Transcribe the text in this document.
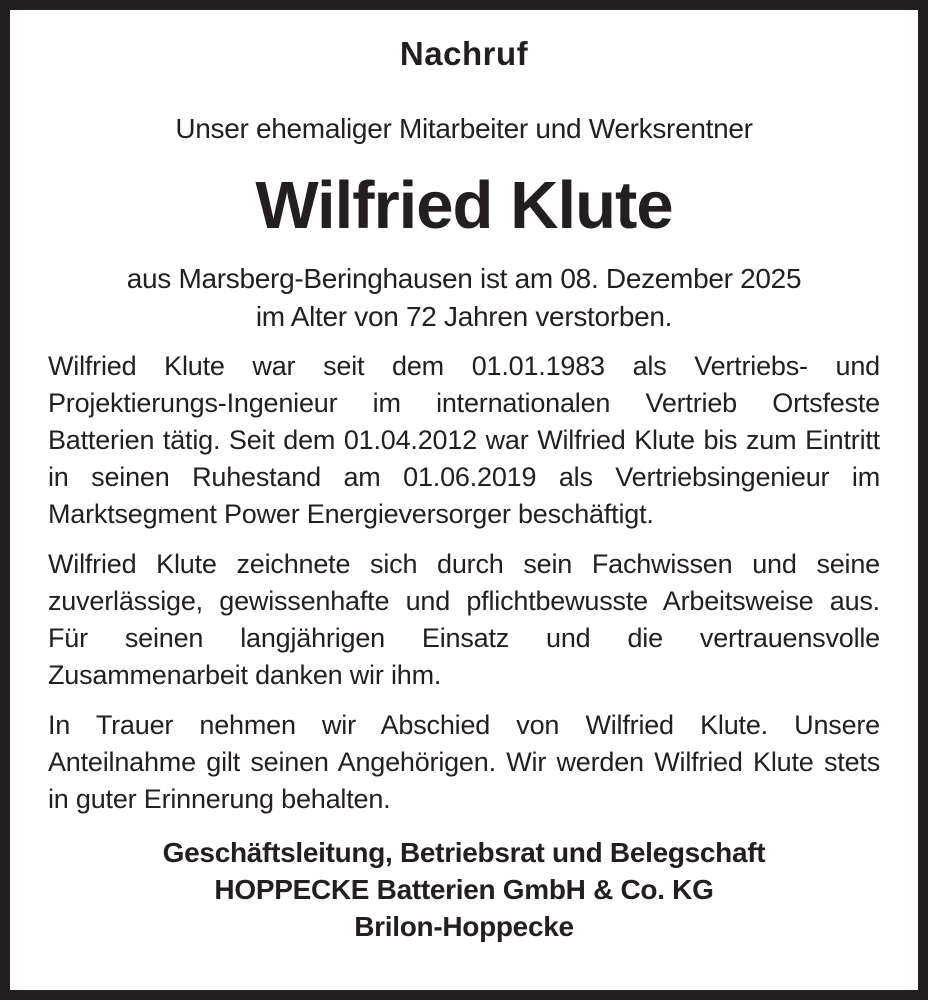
Nachruf
Unser ehemaliger Mitarbeiter und Werksrentner
Wilfried Klute
aus Marsberg-Beringhausen ist am 08. Dezember 2025
im Alter von 72 Jahren verstorben.

Wilfried Klute war seit dem 01.01.1983 als Vertriebs- und Projektierungs-Ingenieur im internationalen Vertrieb Ortsfeste Batterien tätig. Seit dem 01.04.2012 war Wilfried Klute bis zum Eintritt in seinen Ruhestand am 01.06.2019 als Vertriebsingenieur im Marktsegment Power Energieversorger beschäftigt.

Wilfried Klute zeichnete sich durch sein Fachwissen und seine zuverlässige, gewissenhafte und pflichtbewusste Arbeitsweise aus. Für seinen langjährigen Einsatz und die vertrauensvolle Zusammenarbeit danken wir ihm.

In Trauer nehmen wir Abschied von Wilfried Klute. Unsere Anteilnahme gilt seinen Angehörigen. Wir werden Wilfried Klute stets in guter Erinnerung behalten.

Geschäftsleitung, Betriebsrat und Belegschaft
HOPPECKE Batterien GmbH & Co. KG
Brilon-Hoppecke
